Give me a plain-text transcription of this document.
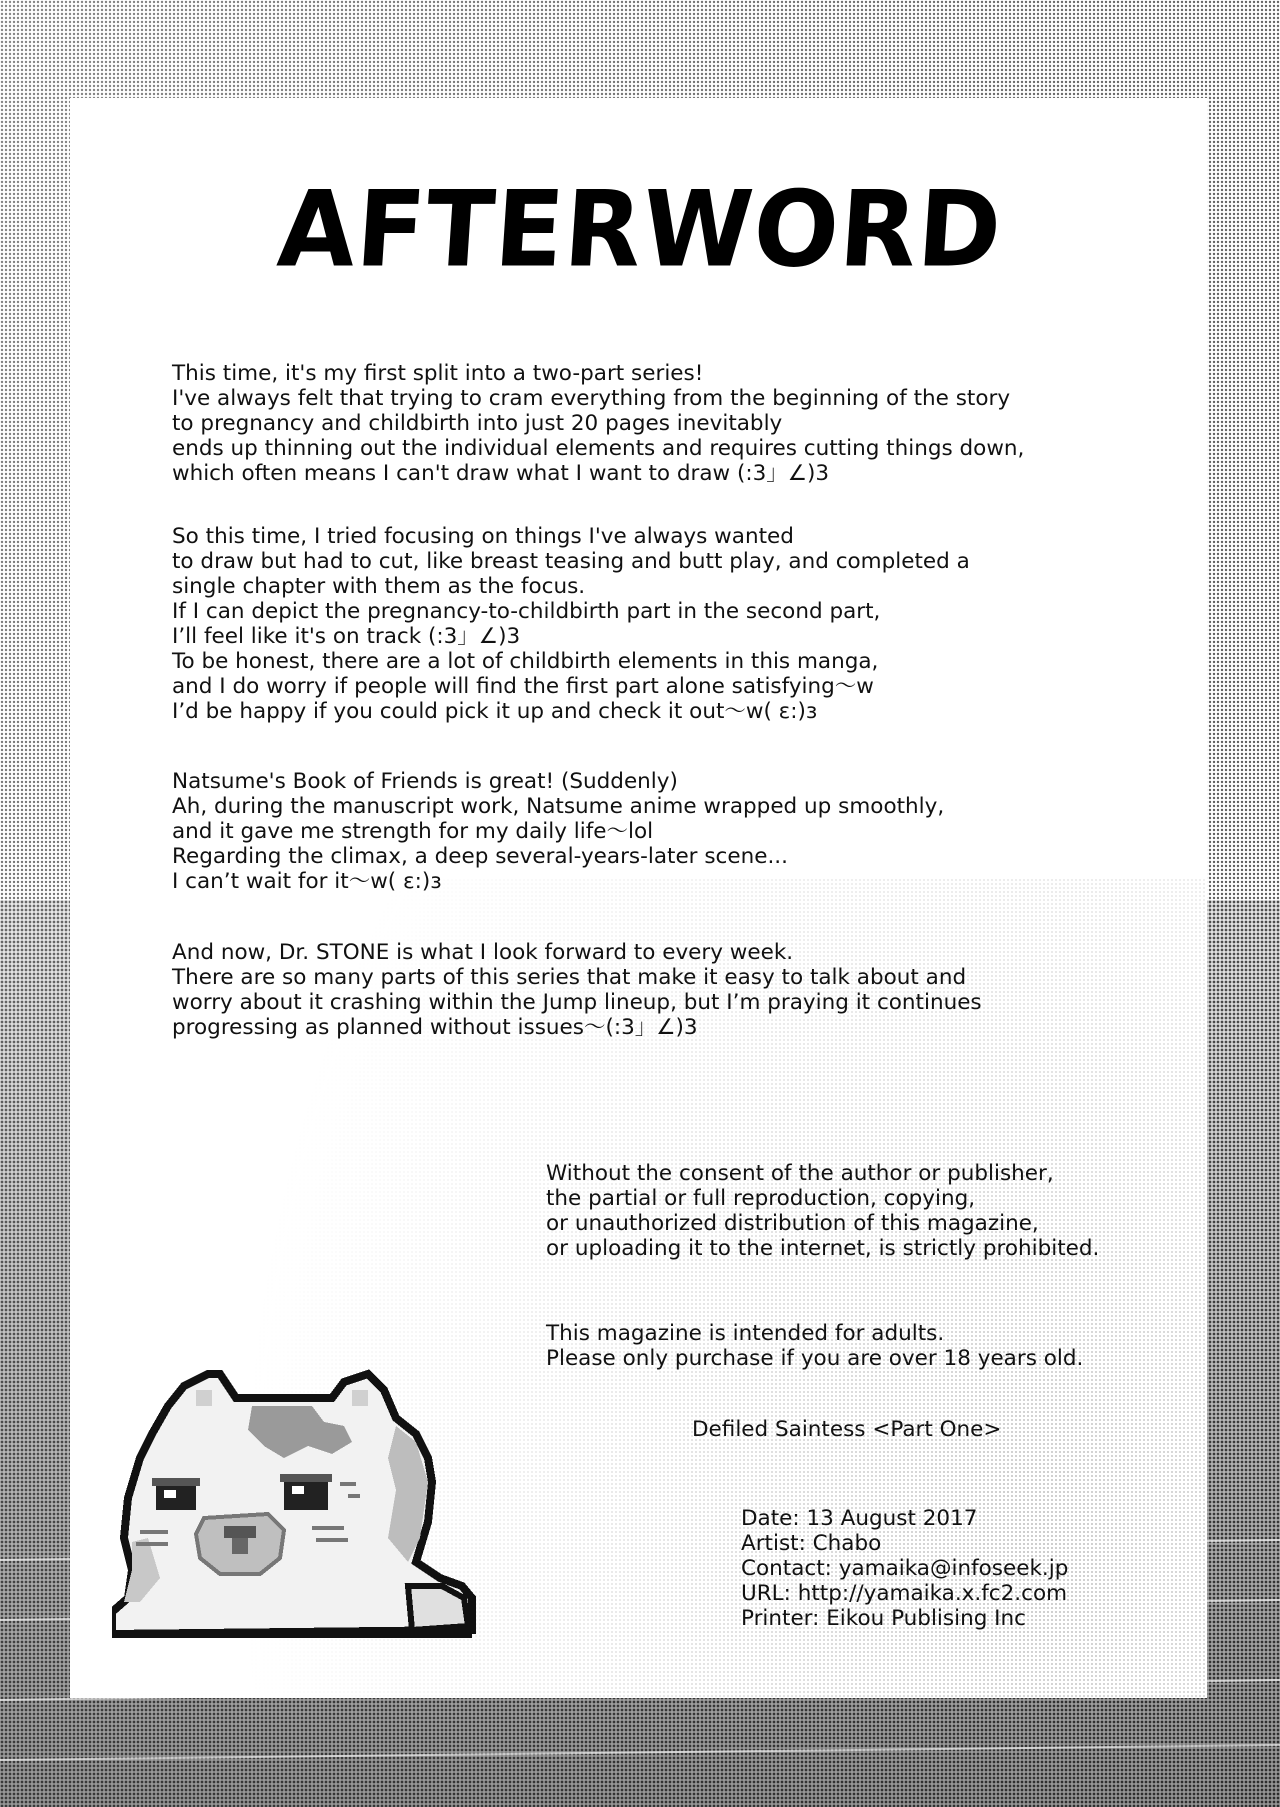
AFTERWORD
This time, it's my first split into a two-part series!
I've always felt that trying to cram everything from the beginning of the story
to pregnancy and childbirth into just 20 pages inevitably
ends up thinning out the individual elements and requires cutting things down,
which often means I can't draw what I want to draw (:3」∠)3
So this time, I tried focusing on things I've always wanted
to draw but had to cut, like breast teasing and butt play, and completed a
single chapter with them as the focus.
If I can depict the pregnancy-to-childbirth part in the second part,
I’ll feel like it's on track (:3」∠)3
To be honest, there are a lot of childbirth elements in this manga,
and I do worry if people will find the first part alone satisfying～w
I’d be happy if you could pick it up and check it out～w( ε:)з
Natsume's Book of Friends is great! (Suddenly)
Ah, during the manuscript work, Natsume anime wrapped up smoothly,
and it gave me strength for my daily life～lol
Regarding the climax, a deep several-years-later scene...
I can’t wait for it～w( ε:)з
And now, Dr. STONE is what I look forward to every week.
There are so many parts of this series that make it easy to talk about and
worry about it crashing within the Jump lineup, but I’m praying it continues
progressing as planned without issues～(:3」∠)3
Without the consent of the author or publisher,
the partial or full reproduction, copying,
or unauthorized distribution of this magazine,
or uploading it to the internet, is strictly prohibited.
This magazine is intended for adults.
Please only purchase if you are over 18 years old.
Defiled Saintess <Part One>
Date: 13 August 2017
Artist: Chabo
Contact: yamaika@infoseek.jp
URL: http://yamaika.x.fc2.com
Printer: Eikou Publising Inc
